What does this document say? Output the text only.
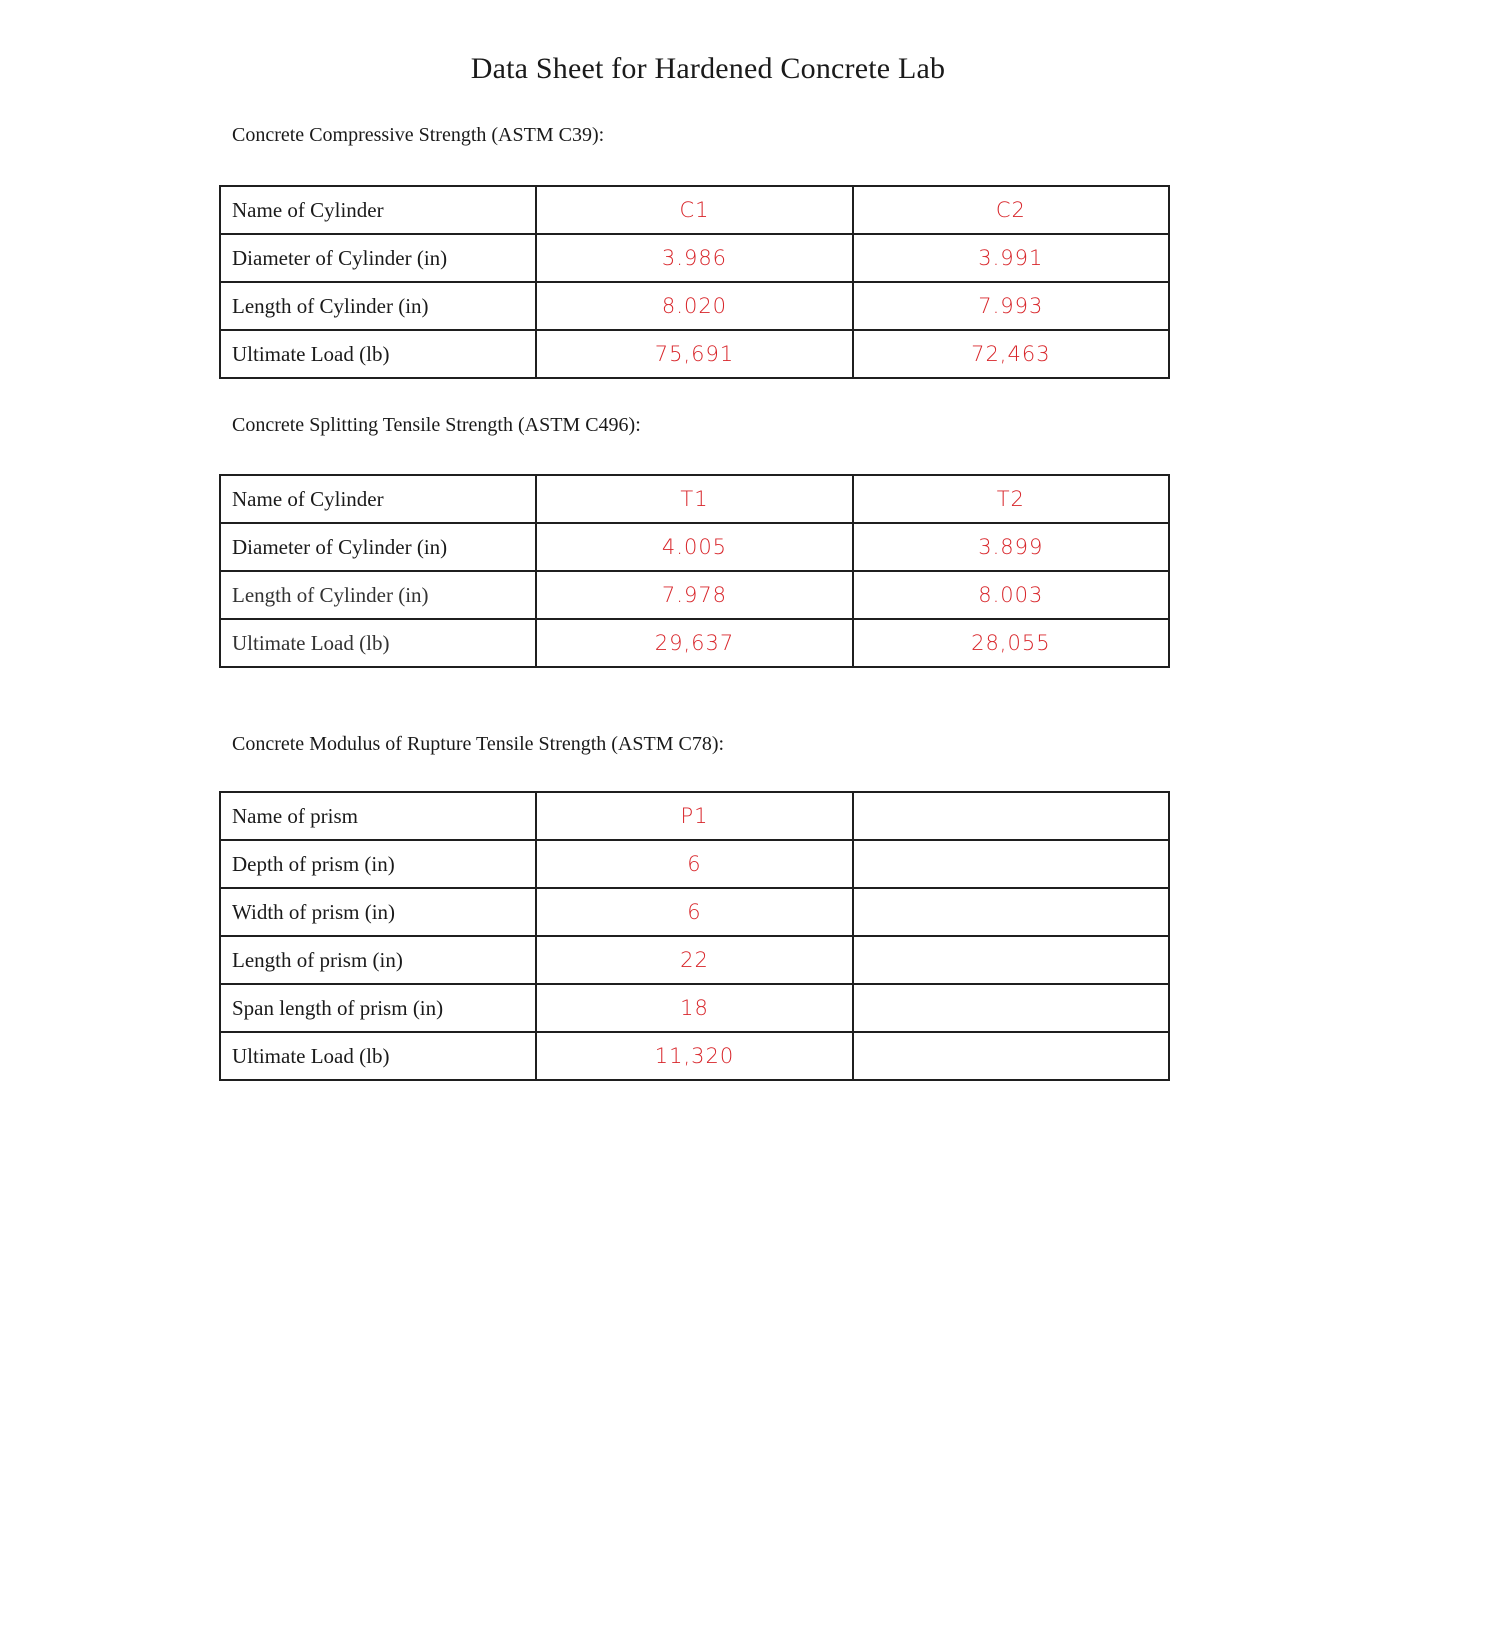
Data Sheet for Hardened Concrete Lab
Concrete Compressive Strength (ASTM C39):
Name of Cylinder	C1	C2
Diameter of Cylinder (in)	3.986	3.991
Length of Cylinder (in)	8.020	7.993
Ultimate Load (lb)	75,691	72,463
Concrete Splitting Tensile Strength (ASTM C496):
Name of Cylinder	T1	T2
Diameter of Cylinder (in)	4.005	3.899
Length of Cylinder (in)	7.978	8.003
Ultimate Load (lb)	29,637	28,055
Concrete Modulus of Rupture Tensile Strength (ASTM C78):
Name of prism	P1	
Depth of prism (in)	6	
Width of prism (in)	6	
Length of prism (in)	22	
Span length of prism (in)	18	
Ultimate Load (lb)	11,320	
